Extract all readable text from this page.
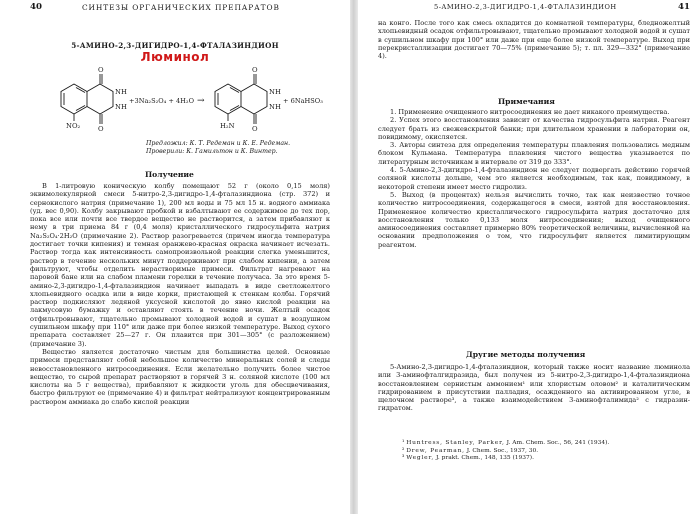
40	СИНТЕЗЫ ОРГАНИЧЕСКИХ ПРЕПАРАТОВ
5-АМИНО-2,3-ДИГИДРО-1,4-ФТАЛАЗИНДИОН
Люминол
O
O
NH
NH
NO₂
O
O
NH
NH
H₂N
+3Na₂S₂O₄ + 4H₂O →	+ 6NaHSO₃
Предложил: К. Т. Редеман и К. Е. Редеман.
Проверили: К. Гамильтон и К. Винтер.
Получение

В 1-литровую коническую колбу помещают 52 г (около 0,15 моля) эквимолекулярной смеси 5-нитро-2,3-дигидро-1,4-фталазиндиона (стр. 372) и сернокислого натрия (примечание 1), 200 мл воды и 75 мл 15 н. водного аммиака (уд. вес 0,90). Колбу закрывают пробкой и взбалтывают ее содержимое до тех пор, пока все или почти все твердое вещество не растворится, а затем прибавляют к нему в три приема 84 г (0,4 моля) кристаллического гидросульфита натрия Na₂S₂O₄·2H₂O (примечание 2). Раствор разогревается (причем иногда температура достигает точки кипения) и темная оранжево-красная окраска начинает исчезать. Раствор тогда как интенсивность самопроизвольной реакции слегка уменьшится, раствор в течение нескольких минут поддерживают при слабом кипении, а затем фильтруют, чтобы отделить нерастворимые примеси. Фильтрат нагревают на паровой бане или на слабом пламени горелки в течение получаса. За это время 5-амино-2,3-дигидро-1,4-фталазиндион начинает выпадать в виде светложелтого хлопьевидного осадка или в виде корки, пристающей к стенкам колбы. Горячий раствор подкисляют ледяной уксусной кислотой до явно кислой реакции на лакмусовую бумажку и оставляют стоять в течение ночи. Желтый осадок отфильтровывают, тщательно промывают холодной водой и сушат в воздушном сушильном шкафу при 110° или даже при более низкой температуре. Выход сухого препарата составляет 25—27 г. Он плавится при 301—305° (с разложением) (примечание 3).

Вещество является достаточно чистым для большинства целей. Основные примеси представляют собой небольшое количество минеральных солей и следы невосстановленного нитросоединения. Если желательно получить более чистое вещество, то сырой препарат растворяют в горячей 3 н. соляной кислоте (100 мл кислоты на 5 г вещества), прибавляют к жидкости уголь для обесцвечивания, быстро фильтруют ее (примечание 4) и фильтрат нейтрализуют концентрированным раствором аммиака до слабо кислой реакции

5-АМИНО-2,3-ДИГИДРО-1,4-ФТАЛАЗИНДИОН	41

на конго. После того как смесь охладится до комнатной температуры, бледножелтый хлопьевидный осадок отфильтровывают, тщательно промывают холодной водой и сушат в сушильном шкафу при 100° или даже при еще более низкой температуре. Выход при перекристаллизации достигает 70—75% (примечание 5); т. пл. 329—332° (примечание 4).

Примечания

1. Применение очищенного нитросоединения не дает никакого преимущества.

2. Успех этого восстановления зависит от качества гидросульфита натрия. Реагент следует брать из свежевскрытой банки; при длительном хранении в лаборатории он, повидимому, окисляется.

3. Авторы синтеза для определения температуры плавления пользовались медным блоком Кульмана. Температура плавления чистого вещества указывается по литературным источникам в интервале от 319 до 333°.

4. 5-Амино-2,3-дигидро-1,4-фталазиндион не следует подвергать действию горячей соляной кислоты дольше, чем это является необходимым, так как, повидимому, в некоторой степени имеет место гидролиз.

5. Выход (в процентах) нельзя вычислить точно, так как неизвестно точное количество нитросоединения, содержащегося в смеси, взятой для восстановления. Примененное количество кристаллического гидросульфита натрия достаточно для восстановления только 0,133 моля нитросоединения; выход очищенного аминосоединения составляет примерно 80% теоретической величины, вычисленной на основании предположения о том, что гидросульфит является лимитирующим реагентом.

Другие методы получения

5-Амино-2,3-дигидро-1,4-фталазиндион, который также носит название люминола или 3-аминофталгидразида, был получен из 5-нитро-2,3-дигидро-1,4-фталазиндиона восстановлением сернистым аммонием¹ или хлористым оловом² и каталитическим гидрированием в присутствии палладия, осажденного на активированном угле, в щелочном растворе³, а также взаимодействием 3-аминофталимида² с гидразин-гидратом.

¹ Huntress, Stanley, Parker, J. Am. Chem. Soc., 56, 241 (1934).
² Drew, Pearman, J. Chem. Soc., 1937, 30.
³ Wegler, J. prakt. Chem., 148, 135 (1937).
